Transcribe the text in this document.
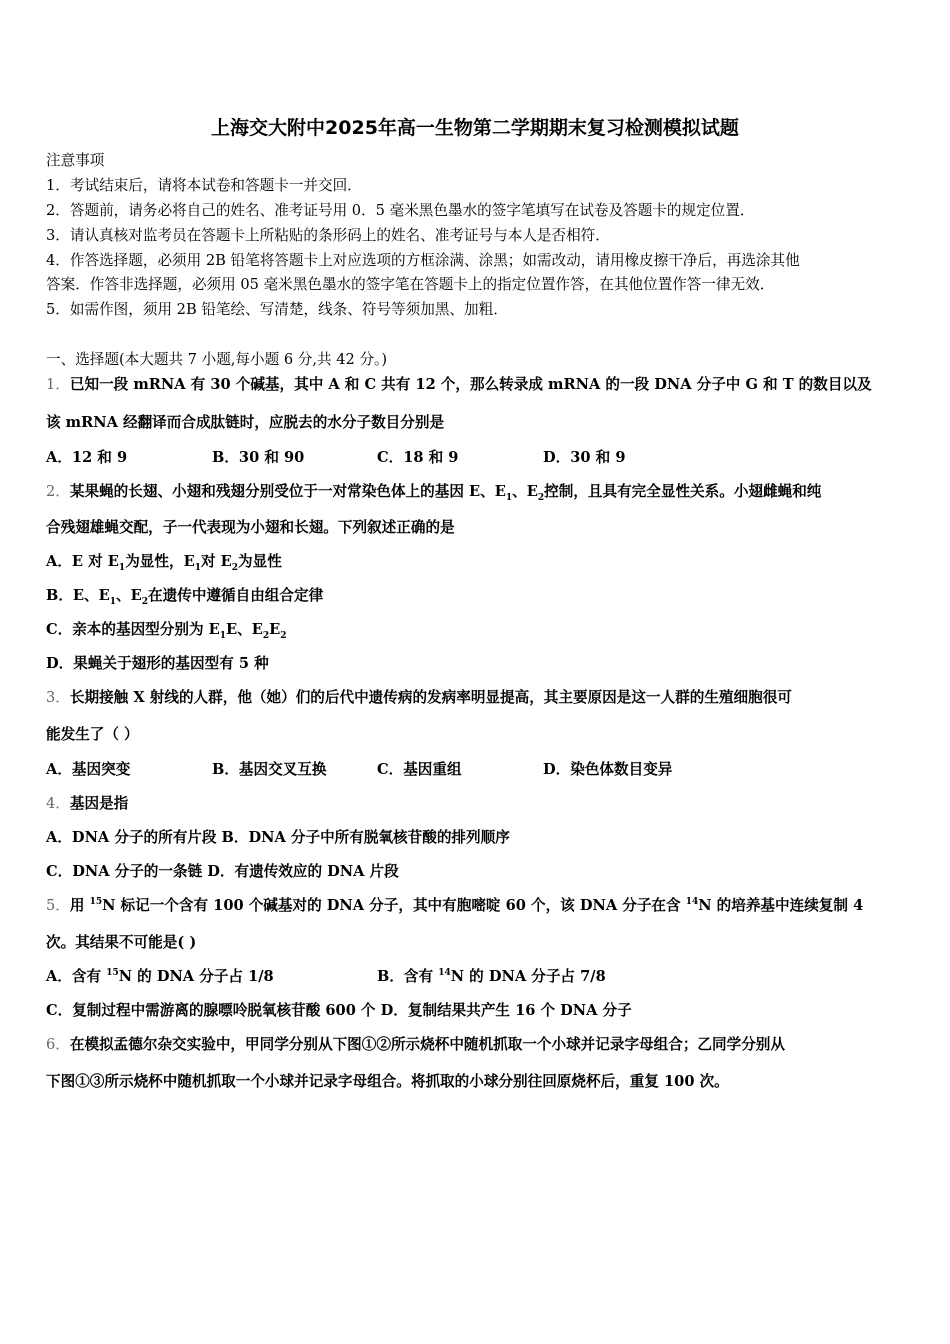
上海交大附中2025年高一生物第二学期期末复习检测模拟试题
注意事项
1．考试结束后，请将本试卷和答题卡一并交回．
2．答题前，请务必将自己的姓名、准考证号用 0．5 毫米黑色墨水的签字笔填写在试卷及答题卡的规定位置．
3．请认真核对监考员在答题卡上所粘贴的条形码上的姓名、准考证号与本人是否相符．
4．作答选择题，必须用 2B 铅笔将答题卡上对应选项的方框涂满、涂黑；如需改动，请用橡皮擦干净后，再选涂其他
答案．作答非选择题，必须用 05 毫米黑色墨水的签字笔在答题卡上的指定位置作答，在其他位置作答一律无效．
5．如需作图，须用 2B 铅笔绘、写清楚，线条、符号等须加黑、加粗．
一、选择题(本大题共 7 小题,每小题 6 分,共 42 分。)
1．已知一段 mRNA 有 30 个碱基，其中 A 和 C 共有 12 个，那么转录成 mRNA 的一段 DNA 分子中 G 和 T 的数目以及
该 mRNA 经翻译而合成肽链时，应脱去的水分子数目分别是
A．12 和 9	B．30 和 90	C．18 和 9	D．30 和 9
2．某果蝇的长翅、小翅和残翅分别受位于一对常染色体上的基因 E、$E_1$、$E_2$控制，且具有完全显性关系。小翅雌蝇和纯
合残翅雄蝇交配，子一代表现为小翅和长翅。下列叙述正确的是
A．E 对 $E_1$为显性，$E_1$对 $E_2$为显性
B．E、$E_1$、$E_2$在遗传中遵循自由组合定律
C．亲本的基因型分别为 $E_1E$、$E_2E_2$
D．果蝇关于翅形的基因型有 5 种
3．长期接触 X 射线的人群，他（她）们的后代中遗传病的发病率明显提高，其主要原因是这一人群的生殖细胞很可
能发生了（ ）
A．基因突变	B．基因交叉互换	C．基因重组	D．染色体数目变异
4．基因是指
A．DNA 分子的所有片段 B．DNA 分子中所有脱氧核苷酸的排列顺序
C．DNA 分子的一条链 D．有遗传效应的 DNA 片段
5．用 $^{15}$N 标记一个含有 100 个碱基对的 DNA 分子，其中有胞嘧啶 60 个，该 DNA 分子在含 $^{14}$N 的培养基中连续复制 4
次。其结果不可能是( )
A．含有 $^{15}$N 的 DNA 分子占 1/8	B．含有 $^{14}$N 的 DNA 分子占 7/8
C．复制过程中需游离的腺嘌呤脱氧核苷酸 600 个 D．复制结果共产生 16 个 DNA 分子
6．在模拟孟德尔杂交实验中，甲同学分别从下图①②所示烧杯中随机抓取一个小球并记录字母组合；乙同学分别从
下图①③所示烧杯中随机抓取一个小球并记录字母组合。将抓取的小球分别往回原烧杯后，重复 100 次。
